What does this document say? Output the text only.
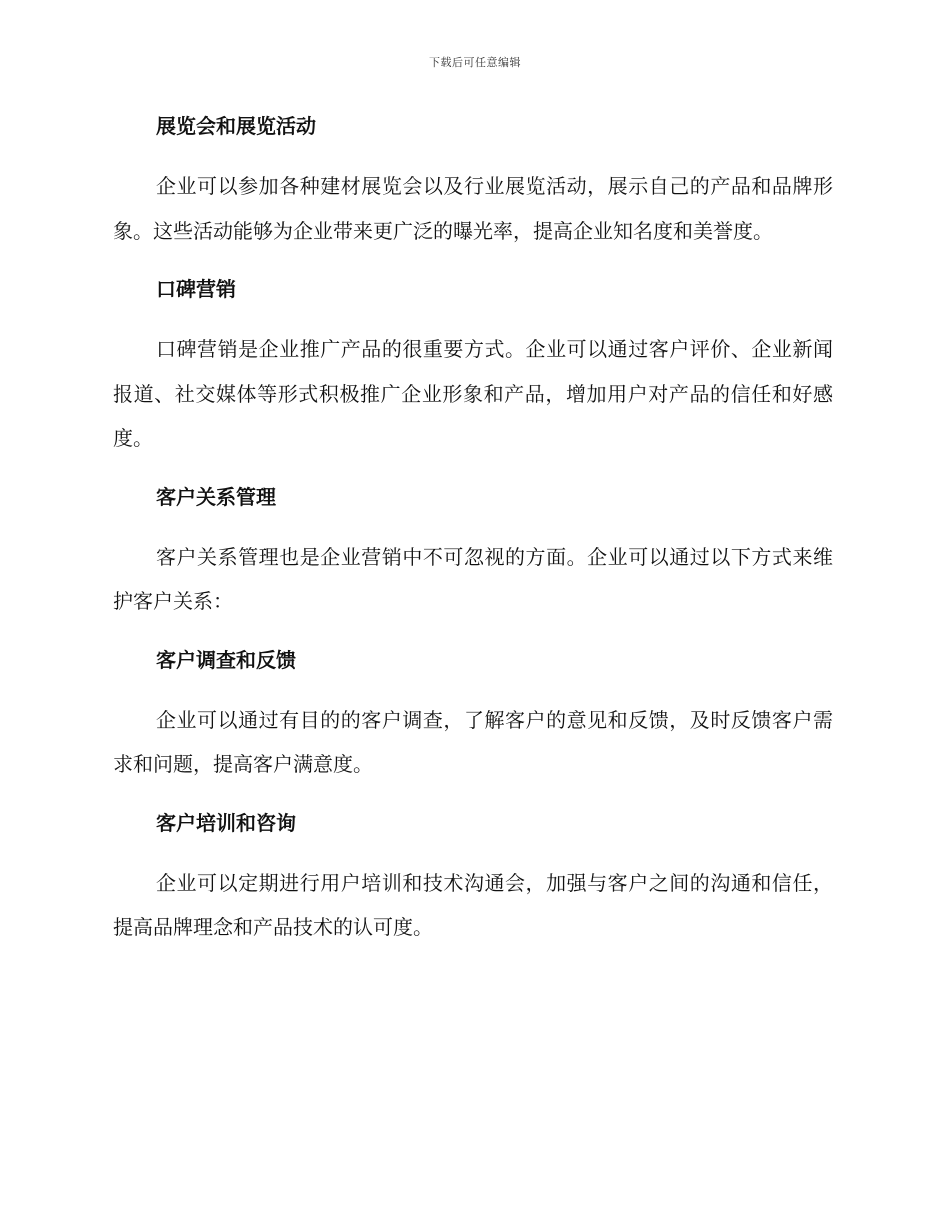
下载后可任意编辑
展览会和展览活动

企业可以参加各种建材展览会以及行业展览活动，展示自己的产品和品牌形象。这些活动能够为企业带来更广泛的曝光率，提高企业知名度和美誉度。

口碑营销

口碑营销是企业推广产品的很重要方式。企业可以通过客户评价、企业新闻报道、社交媒体等形式积极推广企业形象和产品，增加用户对产品的信任和好感度。

客户关系管理

客户关系管理也是企业营销中不可忽视的方面。企业可以通过以下方式来维护客户关系：

客户调查和反馈

企业可以通过有目的的客户调查，了解客户的意见和反馈，及时反馈客户需求和问题，提高客户满意度。

客户培训和咨询

企业可以定期进行用户培训和技术沟通会，加强与客户之间的沟通和信任，提高品牌理念和产品技术的认可度。
